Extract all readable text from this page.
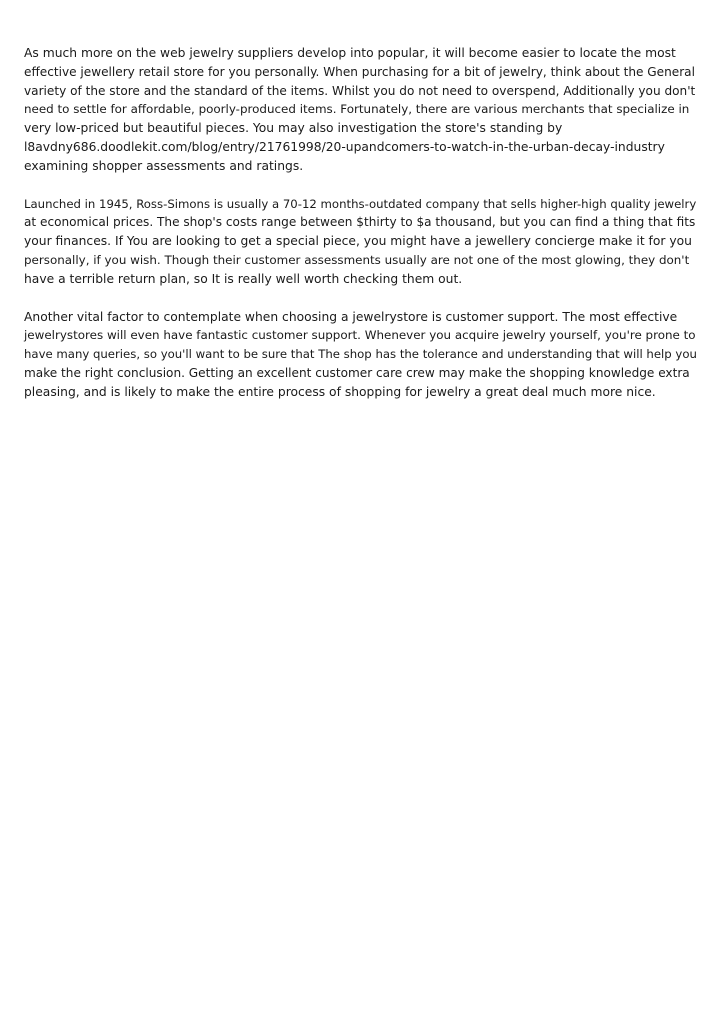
As much more on the web jewelry suppliers develop into popular, it will become easier to locate the most
effective jewellery retail store for you personally. When purchasing for a bit of jewelry, think about the General
variety of the store and the standard of the items. Whilst you do not need to overspend, Additionally you don't
need to settle for affordable, poorly-produced items. Fortunately, there are various merchants that specialize in
very low-priced but beautiful pieces. You may also investigation the store's standing by
l8avdny686.doodlekit.com/blog/entry/21761998/20-upandcomers-to-watch-in-the-urban-decay-industry
examining shopper assessments and ratings.

Launched in 1945, Ross-Simons is usually a 70-12 months-outdated company that sells higher-high quality jewelry
at economical prices. The shop's costs range between $thirty to $a thousand, but you can find a thing that fits
your finances. If You are looking to get a special piece, you might have a jewellery concierge make it for you
personally, if you wish. Though their customer assessments usually are not one of the most glowing, they don't
have a terrible return plan, so It is really well worth checking them out.

Another vital factor to contemplate when choosing a jewelrystore is customer support. The most effective
jewelrystores will even have fantastic customer support. Whenever you acquire jewelry yourself, you're prone to
have many queries, so you'll want to be sure that The shop has the tolerance and understanding that will help you
make the right conclusion. Getting an excellent customer care crew may make the shopping knowledge extra
pleasing, and is likely to make the entire process of shopping for jewelry a great deal much more nice.
